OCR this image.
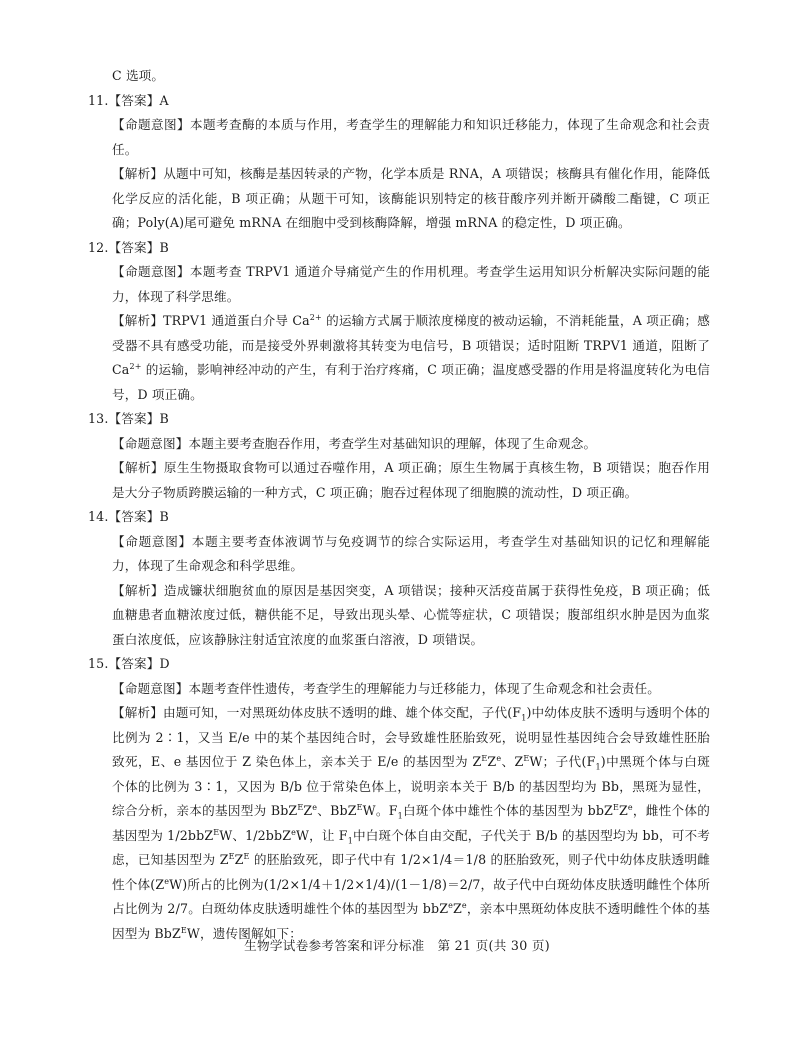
C 选项。

11.【答案】A

【命题意图】本题考查酶的本质与作用，考查学生的理解能力和知识迁移能力，体现了生命观念和社会责任。

【解析】从题中可知，核酶是基因转录的产物，化学本质是 RNA，A 项错误；核酶具有催化作用，能降低化学反应的活化能，B 项正确；从题干可知，该酶能识别特定的核苷酸序列并断开磷酸二酯键，C 项正确；Poly(A)尾可避免 mRNA 在细胞中受到核酶降解，增强 mRNA 的稳定性，D 项正确。

12.【答案】B

【命题意图】本题考查 TRPV1 通道介导痛觉产生的作用机理。考查学生运用知识分析解决实际问题的能力，体现了科学思维。

【解析】TRPV1 通道蛋白介导 $Ca^{2+}$ 的运输方式属于顺浓度梯度的被动运输，不消耗能量，A 项正确；感受器不具有感受功能，而是接受外界刺激将其转变为电信号，B 项错误；适时阻断 TRPV1 通道，阻断了 $Ca^{2+}$ 的运输，影响神经冲动的产生，有利于治疗疼痛，C 项正确；温度感受器的作用是将温度转化为电信号，D 项正确。

13.【答案】B

【命题意图】本题主要考查胞吞作用，考查学生对基础知识的理解，体现了生命观念。

【解析】原生生物摄取食物可以通过吞噬作用，A 项正确；原生生物属于真核生物，B 项错误；胞吞作用是大分子物质跨膜运输的一种方式，C 项正确；胞吞过程体现了细胞膜的流动性，D 项正确。

14.【答案】B

【命题意图】本题主要考查体液调节与免疫调节的综合实际运用，考查学生对基础知识的记忆和理解能力，体现了生命观念和科学思维。

【解析】造成镰状细胞贫血的原因是基因突变，A 项错误；接种灭活疫苗属于获得性免疫，B 项正确；低血糖患者血糖浓度过低，糖供能不足，导致出现头晕、心慌等症状，C 项错误；腹部组织水肿是因为血浆蛋白浓度低，应该静脉注射适宜浓度的血浆蛋白溶液，D 项错误。

15.【答案】D

【命题意图】本题考查伴性遗传，考查学生的理解能力与迁移能力，体现了生命观念和社会责任。

【解析】由题可知，一对黑斑幼体皮肤不透明的雌、雄个体交配，子代$(F_1)$中幼体皮肤不透明与透明个体的比例为 2∶1，又当 E/e 中的某个基因纯合时，会导致雄性胚胎致死，说明显性基因纯合会导致雄性胚胎致死，E、e 基因位于 Z 染色体上，亲本关于 E/e 的基因型为 $Z^EZ^e$、$Z^EW$；子代$(F_1)$中黑斑个体与白斑个体的比例为 3∶1，又因为 B/b 位于常染色体上，说明亲本关于 B/b 的基因型均为 Bb，黑斑为显性，综合分析，亲本的基因型为 $BbZ^EZ^e$、BbZ$^E$W。$F_1$白斑个体中雄性个体的基因型为 $bbZ^EZ^e$，雌性个体的基因型为 1/2bbZ$^E$W、1/2bbZ$^e$W，让 $F_1$中白斑个体自由交配，子代关于 B/b 的基因型均为 bb，可不考虑，已知基因型为 $Z^EZ^E$ 的胚胎致死，即子代中有 1/2×1/4＝1/8 的胚胎致死，则子代中幼体皮肤透明雌性个体$(Z^eW)$所占的比例为(1/2×1/4＋1/2×1/4)/(1－1/8)＝2/7，故子代中白斑幼体皮肤透明雌性个体所占比例为 2/7。白斑幼体皮肤透明雄性个体的基因型为 $bbZ^eZ^e$，亲本中黑斑幼体皮肤不透明雌性个体的基因型为 BbZ$^E$W，遗传图解如下：
生物学试卷参考答案和评分标准　第 21 页(共 30 页)
